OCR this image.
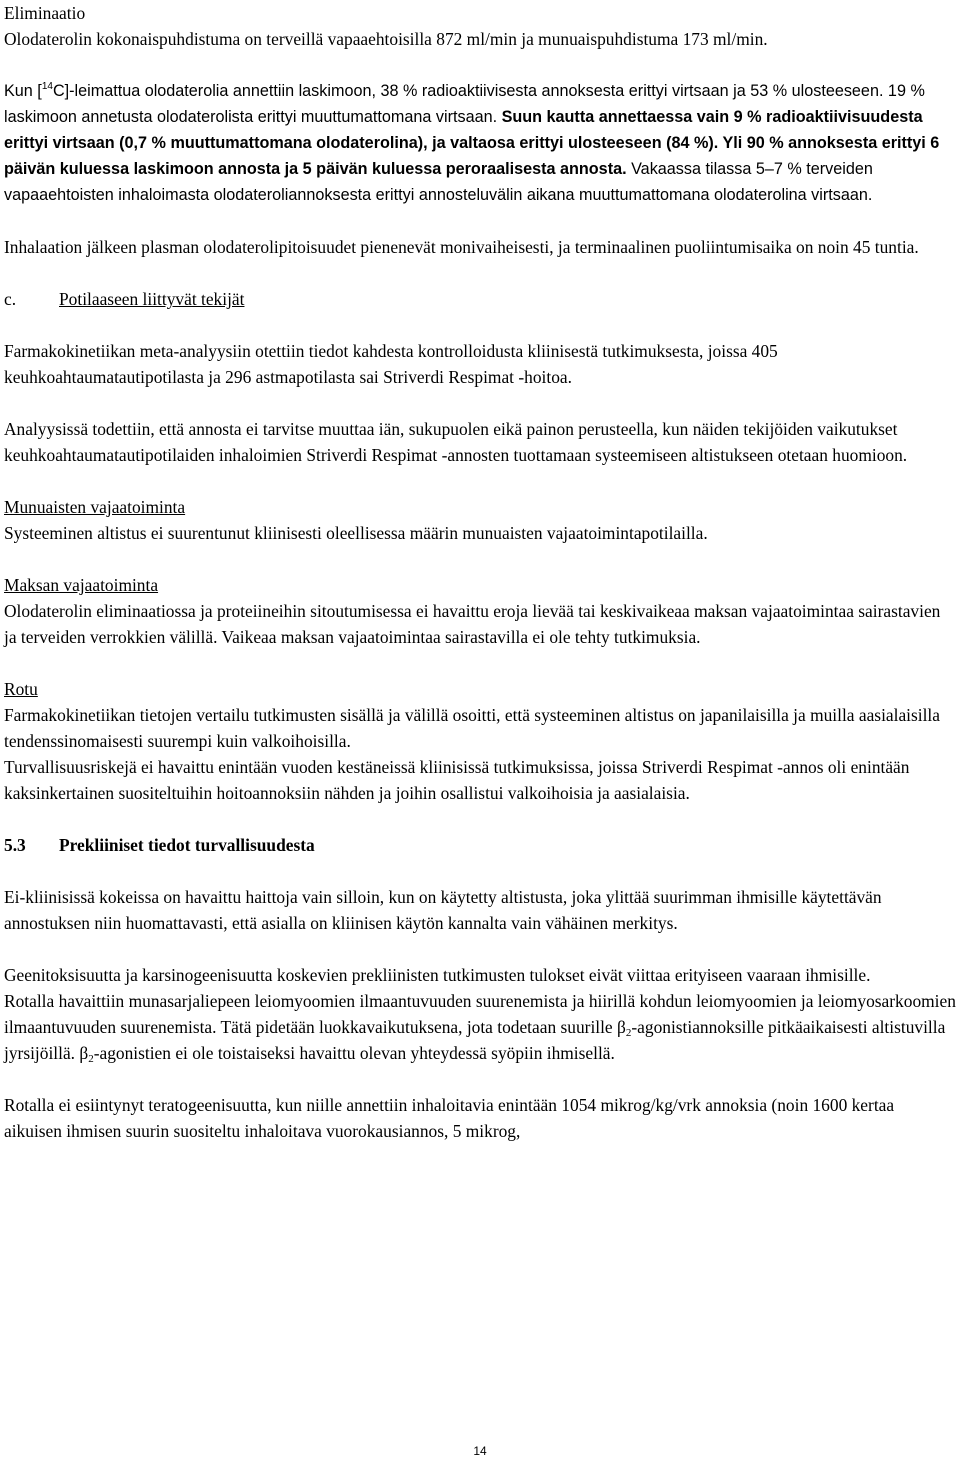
Eliminaatio

Olodaterolin kokonaispuhdistuma on terveillä vapaaehtoisilla 872 ml/min ja munuaispuhdistuma 173 ml/min.

Kun [$^{14}$C]-leimattua olodaterolia annettiin laskimoon, 38 % radioaktiivisesta annoksesta erittyi virtsaan ja 53 % ulosteeseen. 19 % laskimoon annetusta olodaterolista erittyi muuttumattomana virtsaan. Suun kautta annettaessa vain 9 % radioaktiivisuudesta erittyi virtsaan (0,7 % muuttumattomana olodaterolina), ja valtaosa erittyi ulosteeseen (84 %). Yli 90 % annoksesta erittyi 6 päivän kuluessa laskimoon annosta ja 5 päivän kuluessa peroraalisesta annosta. Vakaassa tilassa 5–7 % terveiden vapaaehtoisten inhaloimasta olodateroliannoksesta erittyi annosteluvälin aikana muuttumattomana olodaterolina virtsaan.

Inhalaation jälkeen plasman olodaterolipitoisuudet pienenevät monivaiheisesti, ja terminaalinen puoliintumisaika on noin 45 tuntia.

c. Potilaaseen liittyvät tekijät

Farmakokinetiikan meta-analyysiin otettiin tiedot kahdesta kontrolloidusta kliinisestä tutkimuksesta, joissa 405 keuhkoahtaumatautipotilasta ja 296 astmapotilasta sai Striverdi Respimat -hoitoa.

Analyysissä todettiin, että annosta ei tarvitse muuttaa iän, sukupuolen eikä painon perusteella, kun näiden tekijöiden vaikutukset keuhkoahtaumatautipotilaiden inhaloimien Striverdi Respimat -annosten tuottamaan systeemiseen altistukseen otetaan huomioon.

Munuaisten vajaatoiminta

Systeeminen altistus ei suurentunut kliinisesti oleellisessa määrin munuaisten vajaatoimintapotilailla.

Maksan vajaatoiminta

Olodaterolin eliminaatiossa ja proteiineihin sitoutumisessa ei havaittu eroja lievää tai keskivaikeaa maksan vajaatoimintaa sairastavien ja terveiden verrokkien välillä. Vaikeaa maksan vajaatoimintaa sairastavilla ei ole tehty tutkimuksia.

Rotu

Farmakokinetiikan tietojen vertailu tutkimusten sisällä ja välillä osoitti, että systeeminen altistus on japanilaisilla ja muilla aasialaisilla tendenssinomaisesti suurempi kuin valkoihoisilla.

Turvallisuusriskejä ei havaittu enintään vuoden kestäneissä kliinisissä tutkimuksissa, joissa Striverdi Respimat -annos oli enintään kaksinkertainen suositeltuihin hoitoannoksiin nähden ja joihin osallistui valkoihoisia ja aasialaisia.

5.3 Prekliiniset tiedot turvallisuudesta

Ei-kliinisissä kokeissa on havaittu haittoja vain silloin, kun on käytetty altistusta, joka ylittää suurimman ihmisille käytettävän annostuksen niin huomattavasti, että asialla on kliinisen käytön kannalta vain vähäinen merkitys.

Geenitoksisuutta ja karsinogeenisuutta koskevien prekliinisten tutkimusten tulokset eivät viittaa erityiseen vaaraan ihmisille.

Rotalla havaittiin munasarjaliepeen leiomyoomien ilmaantuvuuden suurenemista ja hiirillä kohdun leiomyoomien ja leiomyosarkoomien ilmaantuvuuden suurenemista. Tätä pidetään luokkavaikutuksena, jota todetaan suurille $\beta_2$-agonistiannoksille pitkäaikaisesti altistuvilla jyrsijöillä. $\beta_2$-agonistien ei ole toistaiseksi havaittu olevan yhteydessä syöpiin ihmisellä.

Rotalla ei esiintynyt teratogeenisuutta, kun niille annettiin inhaloitavia enintään 1054 mikrog/kg/vrk annoksia (noin 1600 kertaa aikuisen ihmisen suurin suositeltu inhaloitava vuorokausiannos, 5 mikrog,

14
